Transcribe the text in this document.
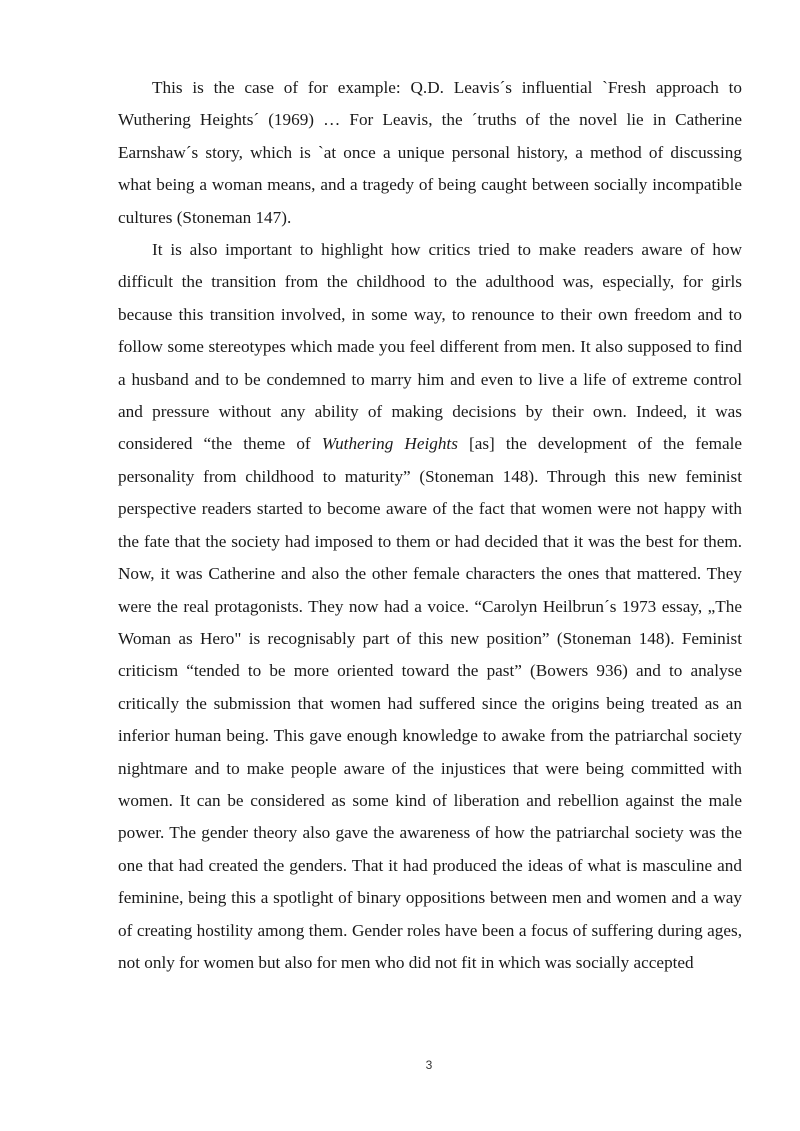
This is the case of for example: Q.D. Leavis´s influential `Fresh approach to Wuthering Heights´ (1969) … For Leavis, the ´truths of the novel lie in Catherine Earnshaw´s story, which is `at once a unique personal history, a method of discussing what being a woman means, and a tragedy of being caught between socially incompatible cultures (Stoneman 147).

It is also important to highlight how critics tried to make readers aware of how difficult the transition from the childhood to the adulthood was, especially, for girls because this transition involved, in some way, to renounce to their own freedom and to follow some stereotypes which made you feel different from men. It also supposed to find a husband and to be condemned to marry him and even to live a life of extreme control and pressure without any ability of making decisions by their own. Indeed, it was considered “the theme of Wuthering Heights [as] the development of the female personality from childhood to maturity” (Stoneman 148). Through this new feminist perspective readers started to become aware of the fact that women were not happy with the fate that the society had imposed to them or had decided that it was the best for them. Now, it was Catherine and also the other female characters the ones that mattered. They were the real protagonists. They now had a voice. “Carolyn Heilbrun´s 1973 essay, „The Woman as Hero" is recognisably part of this new position” (Stoneman 148). Feminist criticism “tended to be more oriented toward the past” (Bowers 936) and to analyse critically the submission that women had suffered since the origins being treated as an inferior human being. This gave enough knowledge to awake from the patriarchal society nightmare and to make people aware of the injustices that were being committed with women. It can be considered as some kind of liberation and rebellion against the male power. The gender theory also gave the awareness of how the patriarchal society was the one that had created the genders. That it had produced the ideas of what is masculine and feminine, being this a spotlight of binary oppositions between men and women and a way of creating hostility among them. Gender roles have been a focus of suffering during ages, not only for women but also for men who did not fit in which was socially accepted

3
